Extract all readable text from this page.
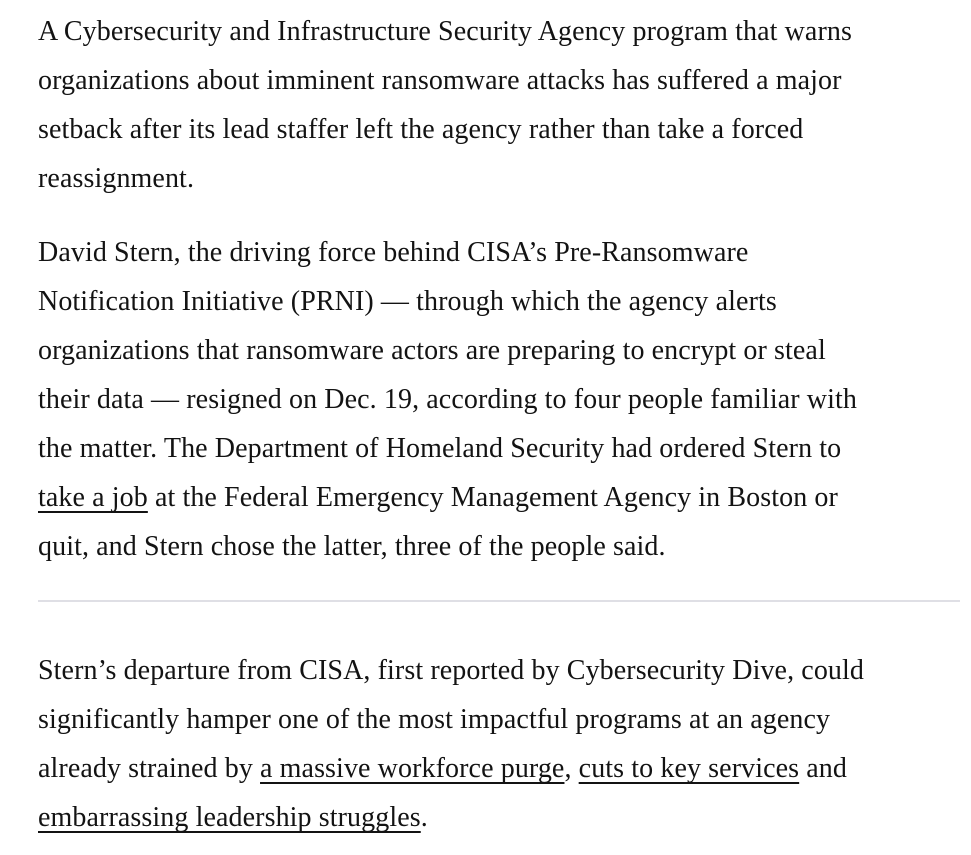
A Cybersecurity and Infrastructure Security Agency program that warns
organizations about imminent ransomware attacks has suffered a major
setback after its lead staffer left the agency rather than take a forced
reassignment.

David Stern, the driving force behind CISA’s Pre-Ransomware
Notification Initiative (PRNI) — through which the agency alerts
organizations that ransomware actors are preparing to encrypt or steal
their data — resigned on Dec. 19, according to four people familiar with
the matter. The Department of Homeland Security had ordered Stern to
take a job at the Federal Emergency Management Agency in Boston or
quit, and Stern chose the latter, three of the people said.

Stern’s departure from CISA, first reported by Cybersecurity Dive, could
significantly hamper one of the most impactful programs at an agency
already strained by a massive workforce purge, cuts to key services and
embarrassing leadership struggles.
